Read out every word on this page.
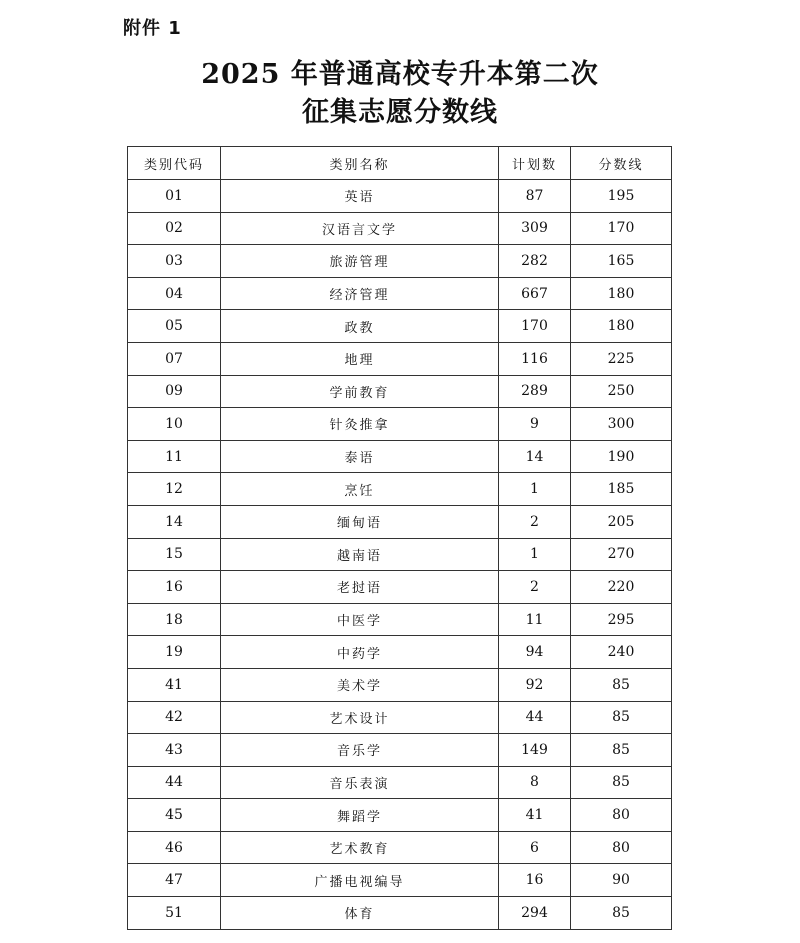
附件 1
2025 年普通高校专升本第二次
征集志愿分数线
类别代码	类别名称	计划数	分数线
01	英语	87	195
02	汉语言文学	309	170
03	旅游管理	282	165
04	经济管理	667	180
05	政教	170	180
07	地理	116	225
09	学前教育	289	250
10	针灸推拿	9	300
11	泰语	14	190
12	烹饪	1	185
14	缅甸语	2	205
15	越南语	1	270
16	老挝语	2	220
18	中医学	11	295
19	中药学	94	240
41	美术学	92	85
42	艺术设计	44	85
43	音乐学	149	85
44	音乐表演	8	85
45	舞蹈学	41	80
46	艺术教育	6	80
47	广播电视编导	16	90
51	体育	294	85
